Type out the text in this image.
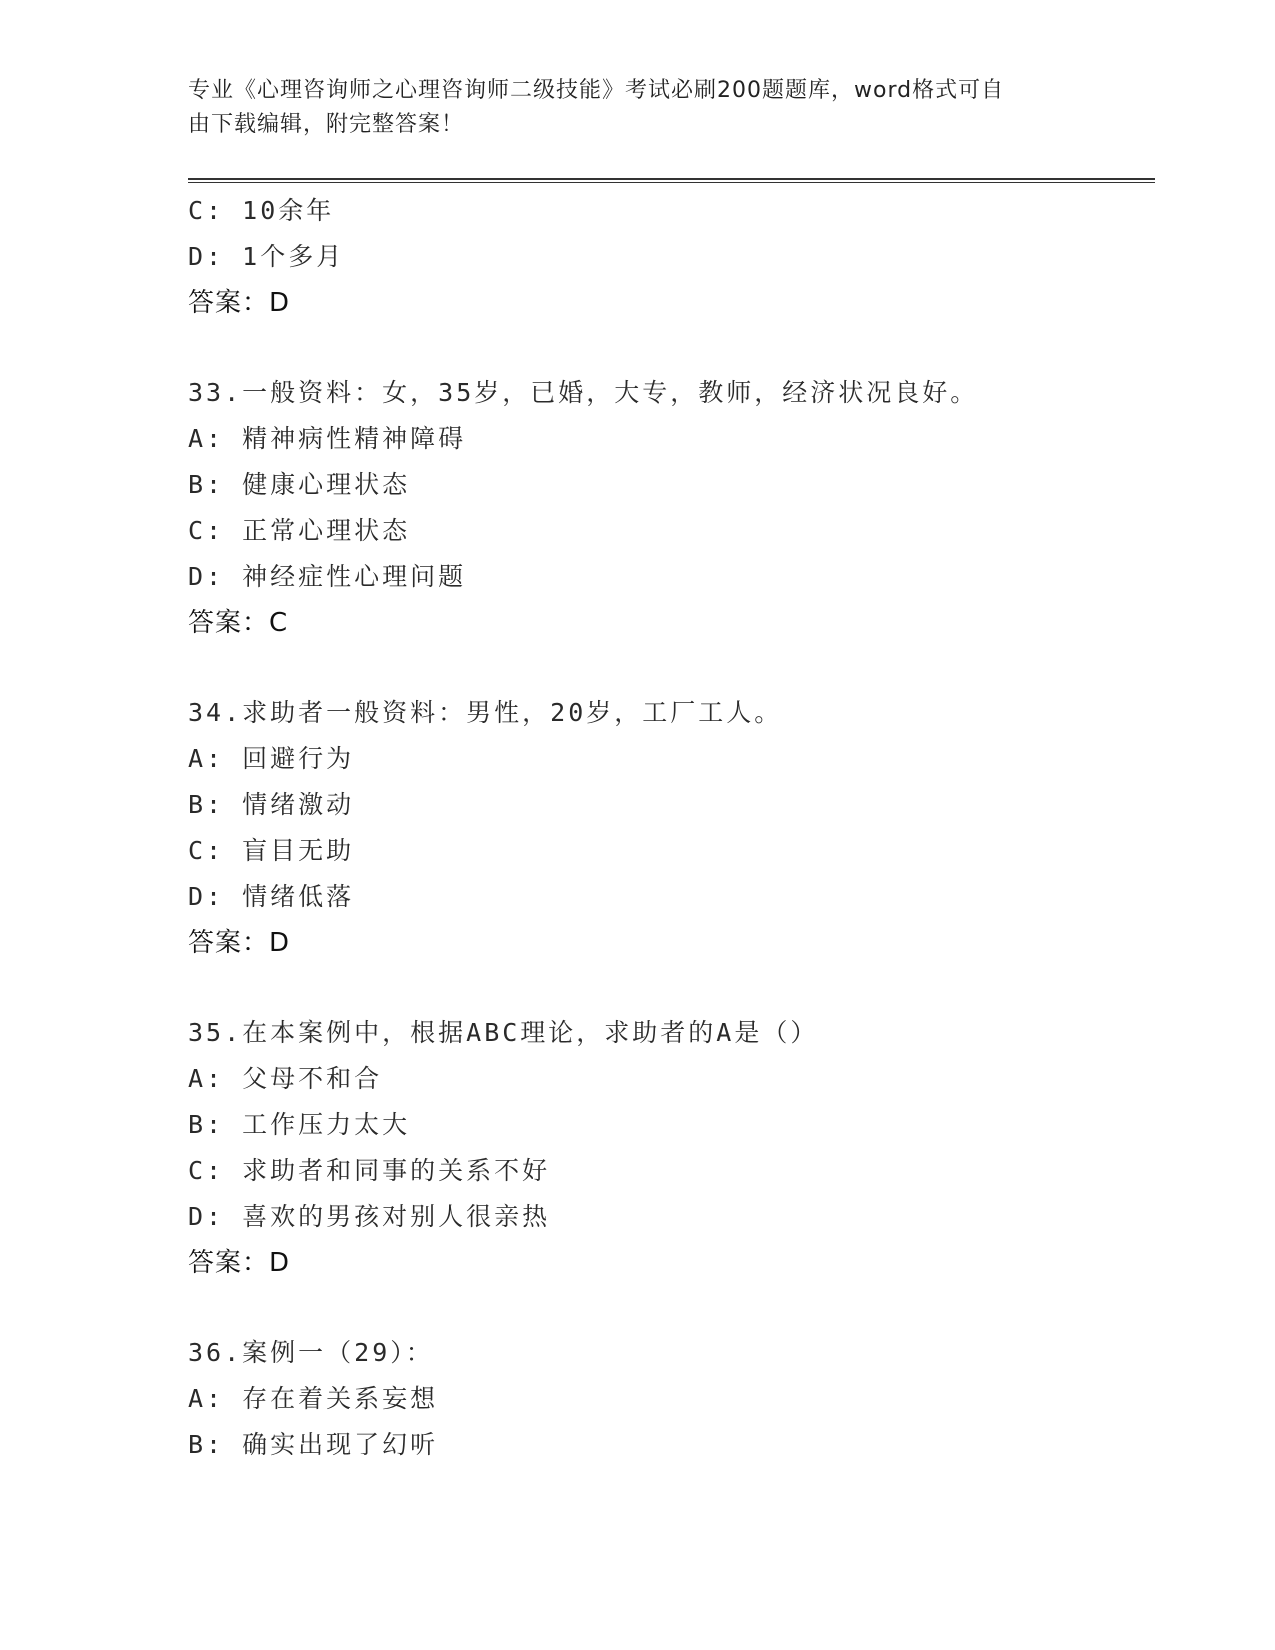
专业《心理咨询师之心理咨询师二级技能》考试必刷200题题库，word格式可自
由下载编辑，附完整答案！
C: 10余年
D: 1个多月
答案：D
33.一般资料：女，35岁，已婚，大专，教师，经济状况良好。
A: 精神病性精神障碍
B: 健康心理状态
C: 正常心理状态
D: 神经症性心理问题
答案：C
34.求助者一般资料：男性，20岁，工厂工人。
A: 回避行为
B: 情绪激动
C: 盲目无助
D: 情绪低落
答案：D
35.在本案例中，根据ABC理论，求助者的A是（）
A: 父母不和合
B: 工作压力太大
C: 求助者和同事的关系不好
D: 喜欢的男孩对别人很亲热
答案：D
36.案例一（29）：
A: 存在着关系妄想
B: 确实出现了幻听
